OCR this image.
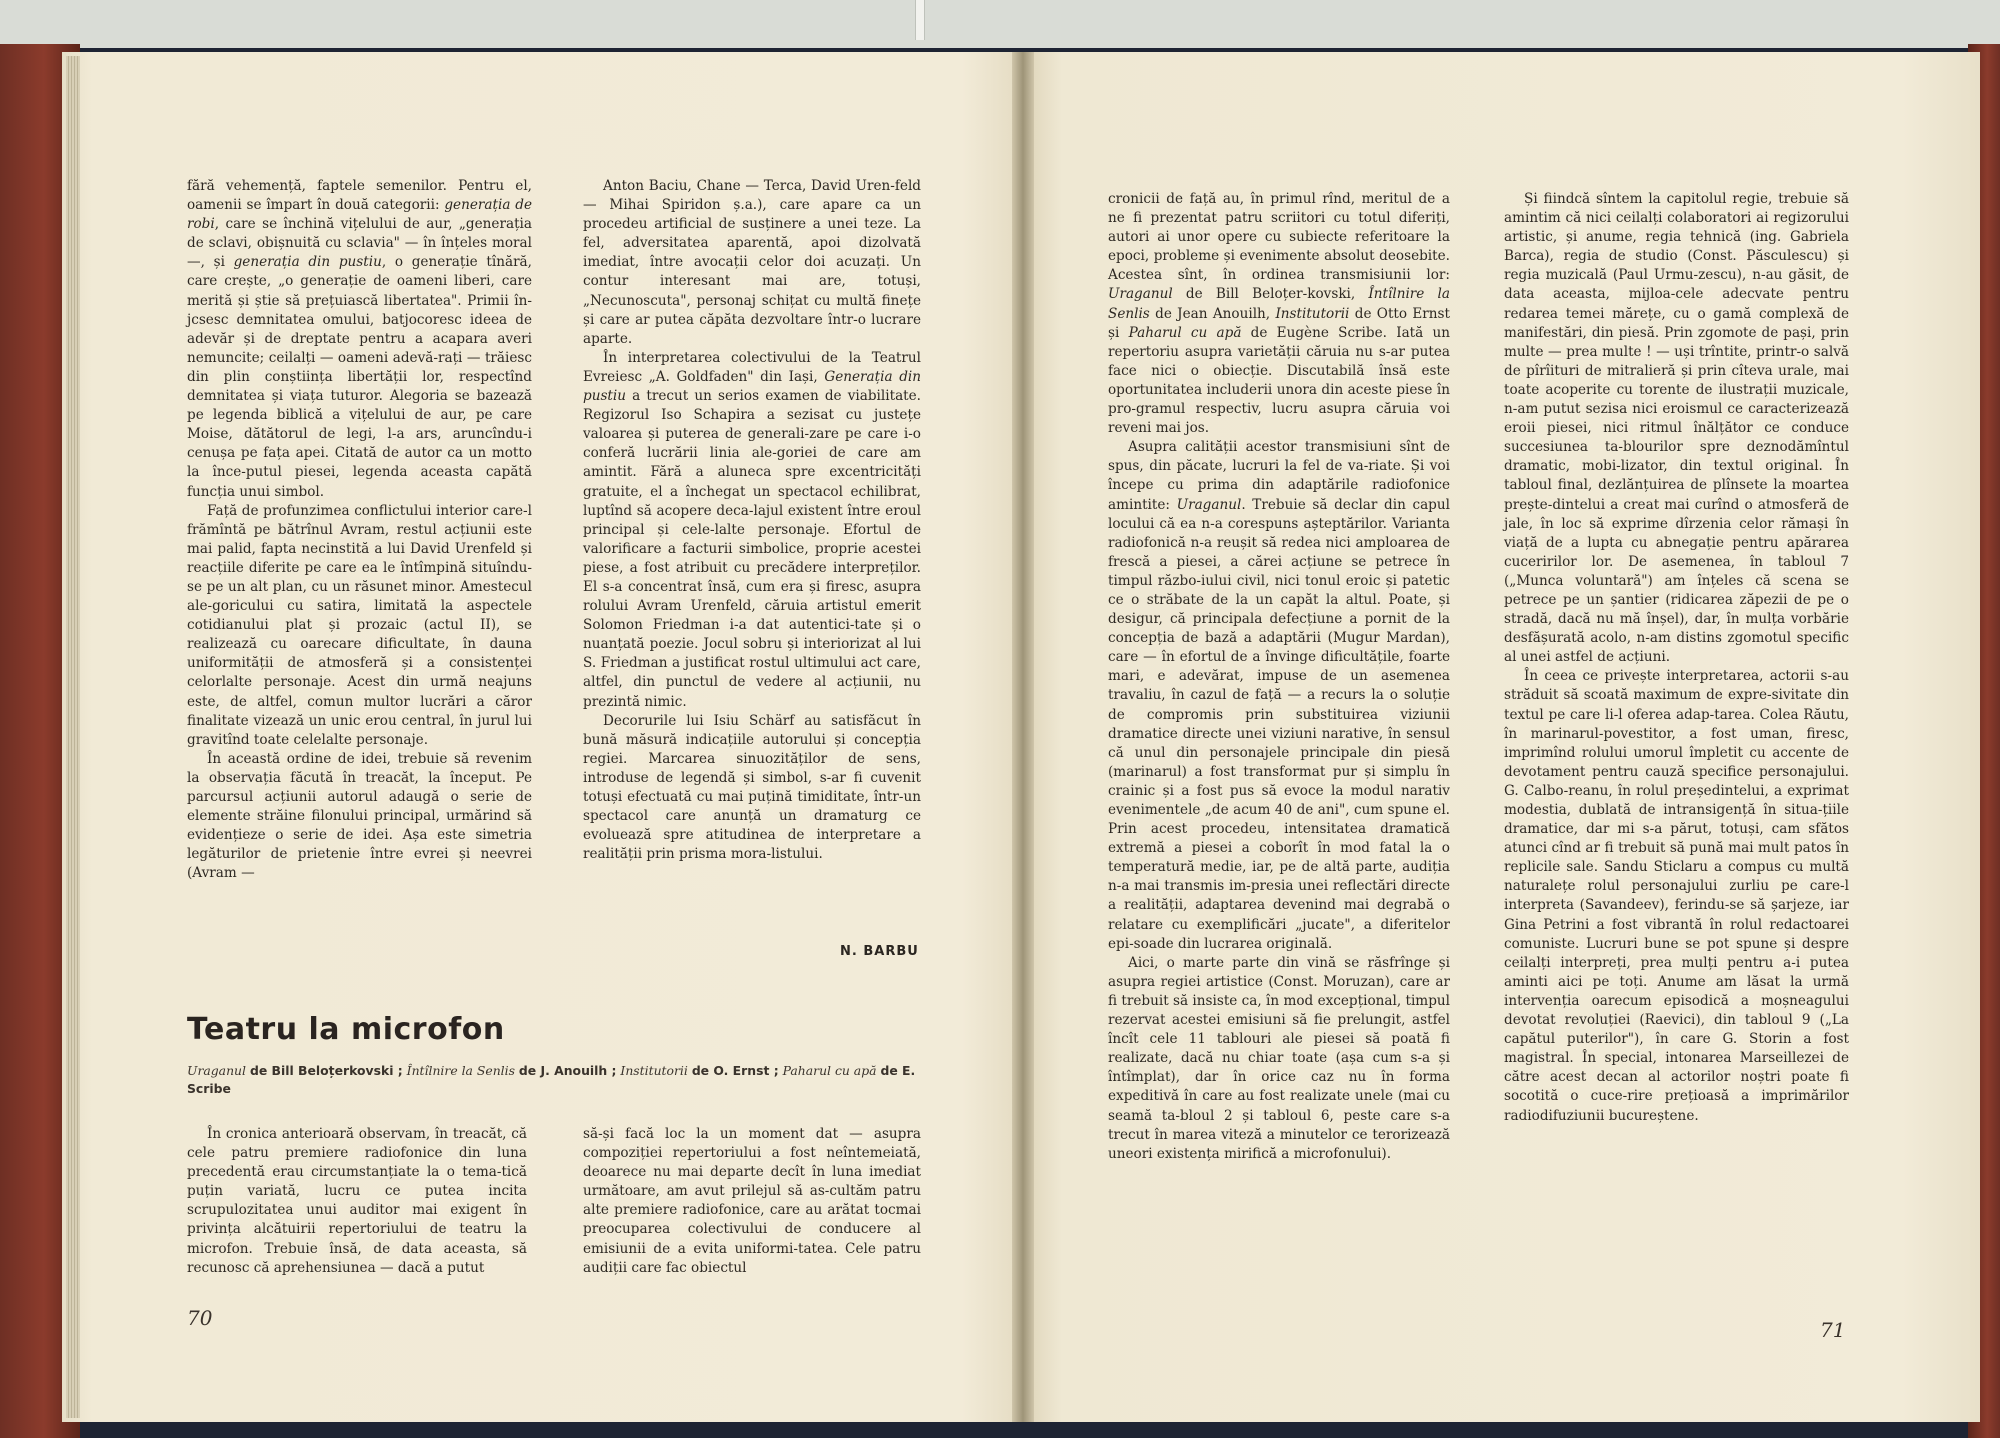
fără vehemență, faptele semenilor. Pentru el, oamenii se împart în două categorii: generația de robi, care se închină vițelului de aur, „generația de sclavi, obișnuită cu sclavia" — în înțeles moral —, și generația din pustiu, o generație tînără, care crește, „o generație de oameni liberi, care merită și știe să prețuiască libertatea". Primii în-jcsesc demnitatea omului, batjocoresc ideea de adevăr și de dreptate pentru a acapara averi nemuncite; ceilalți — oameni adevă-rați — trăiesc din plin conștiința libertății lor, respectînd demnitatea și viața tuturor. Alegoria se bazează pe legenda biblică a vițelului de aur, pe care Moise, dătătorul de legi, l-a ars, aruncîndu-i cenușa pe fața apei. Citată de autor ca un motto la înce-putul piesei, legenda aceasta capătă funcția unui simbol.

Față de profunzimea conflictului interior care-l frămîntă pe bătrînul Avram, restul acțiunii este mai palid, fapta necinstită a lui David Urenfeld și reacțiile diferite pe care ea le întîmpină situîndu-se pe un alt plan, cu un răsunet minor. Amestecul ale-goricului cu satira, limitată la aspectele cotidianului plat și prozaic (actul II), se realizează cu oarecare dificultate, în dauna uniformității de atmosferă și a consistenței celorlalte personaje. Acest din urmă neajuns este, de altfel, comun multor lucrări a căror finalitate vizează un unic erou central, în jurul lui gravitînd toate celelalte personaje.

În această ordine de idei, trebuie să revenim la observația făcută în treacăt, la început. Pe parcursul acțiunii autorul adaugă o serie de elemente străine filonului principal, urmărind să evidențieze o serie de idei. Așa este simetria legăturilor de prietenie între evrei și neevrei (Avram —

Anton Baciu, Chane — Terca, David Uren-feld — Mihai Spiridon ș.a.), care apare ca un procedeu artificial de susținere a unei teze. La fel, adversitatea aparentă, apoi dizolvată imediat, între avocații celor doi acuzați. Un contur interesant mai are, totuși, „Necunoscuta", personaj schițat cu multă finețe și care ar putea căpăta dezvoltare într-o lucrare aparte.

În interpretarea colectivului de la Teatrul Evreiesc „A. Goldfaden" din Iași, Generația din pustiu a trecut un serios examen de viabilitate. Regizorul Iso Schapira a sezisat cu justețe valoarea și puterea de generali-zare pe care i-o conferă lucrării linia ale-goriei de care am amintit. Fără a aluneca spre excentricități gratuite, el a închegat un spectacol echilibrat, luptînd să acopere deca-lajul existent între eroul principal și cele-lalte personaje. Efortul de valorificare a facturii simbolice, proprie acestei piese, a fost atribuit cu precădere interpreților. El s-a concentrat însă, cum era și firesc, asupra rolului Avram Urenfeld, căruia artistul emerit Solomon Friedman i-a dat autentici-tate și o nuanțată poezie. Jocul sobru și interiorizat al lui S. Friedman a justificat rostul ultimului act care, altfel, din punctul de vedere al acțiunii, nu prezintă nimic.

Decorurile lui Isiu Schärf au satisfăcut în bună măsură indicațiile autorului și concepția regiei. Marcarea sinuozităților de sens, introduse de legendă și simbol, s-ar fi cuvenit totuși efectuată cu mai puțină timiditate, într-un spectacol care anunță un dramaturg ce evoluează spre atitudinea de interpretare a realității prin prisma mora-listului.

N. BARBU
Teatru la microfon
Uraganul de Bill Beloțerkovski ; Întîlnire la Senlis de J. Anouilh ; Institutorii de O. Ernst ; Paharul cu apă de E. Scribe

În cronica anterioară observam, în treacăt, că cele patru premiere radiofonice din luna precedentă erau circumstanțiate la o tema-tică puțin variată, lucru ce putea incita scrupulozitatea unui auditor mai exigent în privința alcătuirii repertoriului de teatru la microfon. Trebuie însă, de data aceasta, să recunosc că aprehensiunea — dacă a putut

să-și facă loc la un moment dat — asupra compoziției repertoriului a fost neîntemeiată, deoarece nu mai departe decît în luna imediat următoare, am avut prilejul să as-cultăm patru alte premiere radiofonice, care au arătat tocmai preocuparea colectivului de conducere al emisiunii de a evita uniformi-tatea. Cele patru audiții care fac obiectul

70

cronicii de față au, în primul rînd, meritul de a ne fi prezentat patru scriitori cu totul diferiți, autori ai unor opere cu subiecte referitoare la epoci, probleme și evenimente absolut deosebite. Acestea sînt, în ordinea transmisiunii lor: Uraganul de Bill Beloțer-kovski, Întîlnire la Senlis de Jean Anouilh, Institutorii de Otto Ernst și Paharul cu apă de Eugène Scribe. Iată un repertoriu asupra varietății căruia nu s-ar putea face nici o obiecție. Discutabilă însă este oportunitatea includerii unora din aceste piese în pro-gramul respectiv, lucru asupra căruia voi reveni mai jos.

Asupra calității acestor transmisiuni sînt de spus, din păcate, lucruri la fel de va-riate. Și voi începe cu prima din adaptările radiofonice amintite: Uraganul. Trebuie să declar din capul locului că ea n-a corespuns așteptărilor. Varianta radiofonică n-a reușit să redea nici amploarea de frescă a piesei, a cărei acțiune se petrece în timpul războ-iului civil, nici tonul eroic și patetic ce o străbate de la un capăt la altul. Poate, și desigur, că principala defecțiune a pornit de la concepția de bază a adaptării (Mugur Mardan), care — în efortul de a învinge dificultățile, foarte mari, e adevărat, impuse de un asemenea travaliu, în cazul de față — a recurs la o soluție de compromis prin substituirea viziunii dramatice directe unei viziuni narative, în sensul că unul din personajele principale din piesă (marinarul) a fost transformat pur și simplu în crainic și a fost pus să evoce la modul narativ evenimentele „de acum 40 de ani", cum spune el. Prin acest procedeu, intensitatea dramatică extremă a piesei a coborît în mod fatal la o temperatură medie, iar, pe de altă parte, audiția n-a mai transmis im-presia unei reflectări directe a realității, adaptarea devenind mai degrabă o relatare cu exemplificări „jucate", a diferitelor epi-soade din lucrarea originală.

Aici, o marte parte din vină se răsfrînge și asupra regiei artistice (Const. Moruzan), care ar fi trebuit să insiste ca, în mod excepțional, timpul rezervat acestei emisiuni să fie prelungit, astfel încît cele 11 tablouri ale piesei să poată fi realizate, dacă nu chiar toate (așa cum s-a și întîmplat), dar în orice caz nu în forma expeditivă în care au fost realizate unele (mai cu seamă ta-bloul 2 și tabloul 6, peste care s-a trecut în marea viteză a minutelor ce terorizează uneori existența mirifică a microfonului).

Și fiindcă sîntem la capitolul regie, trebuie să amintim că nici ceilalți colaboratori ai regizorului artistic, și anume, regia tehnică (ing. Gabriela Barca), regia de studio (Const. Păsculescu) și regia muzicală (Paul Urmu-zescu), n-au găsit, de data aceasta, mijloa-cele adecvate pentru redarea temei mărețe, cu o gamă complexă de manifestări, din piesă. Prin zgomote de pași, prin multe — prea multe ! — uși trîntite, printr-o salvă de pîrîituri de mitralieră și prin cîteva urale, mai toate acoperite cu torente de ilustrații muzicale, n-am putut sezisa nici eroismul ce caracterizează eroii piesei, nici ritmul înălțător ce conduce succesiunea ta-blourilor spre deznodămîntul dramatic, mobi-lizator, din textul original. În tabloul final, dezlănțuirea de plînsete la moartea prește-dintelui a creat mai curînd o atmosferă de jale, în loc să exprime dîrzenia celor rămași în viață de a lupta cu abnegație pentru apărarea cuceririlor lor. De asemenea, în tabloul 7 („Munca voluntară") am înțeles că scena se petrece pe un șantier (ridicarea zăpezii de pe o stradă, dacă nu mă înșel), dar, în mulța vorbărie desfășurată acolo, n-am distins zgomotul specific al unei astfel de acțiuni.

În ceea ce privește interpretarea, actorii s-au străduit să scoată maximum de expre-sivitate din textul pe care li-l oferea adap-tarea. Colea Răutu, în marinarul-povestitor, a fost uman, firesc, imprimînd rolului umorul împletit cu accente de devotament pentru cauză specifice personajului. G. Calbo-reanu, în rolul președintelui, a exprimat modestia, dublată de intransigență în situa-țiile dramatice, dar mi s-a părut, totuși, cam sfătos atunci cînd ar fi trebuit să pună mai mult patos în replicile sale. Sandu Sticlaru a compus cu multă naturalețe rolul personajului zurliu pe care-l interpreta (Savandeev), ferindu-se să șarjeze, iar Gina Petrini a fost vibrantă în rolul redactoarei comuniste. Lucruri bune se pot spune și despre ceilalți interpreți, prea mulți pentru a-i putea aminti aici pe toți. Anume am lăsat la urmă intervenția oarecum episodică a moșneagului devotat revoluției (Raevici), din tabloul 9 („La capătul puterilor"), în care G. Storin a fost magistral. În special, intonarea Marseillezei de către acest decan al actorilor noștri poate fi socotită o cuce-rire prețioasă a imprimărilor radiodifuziunii bucureștene.

71
